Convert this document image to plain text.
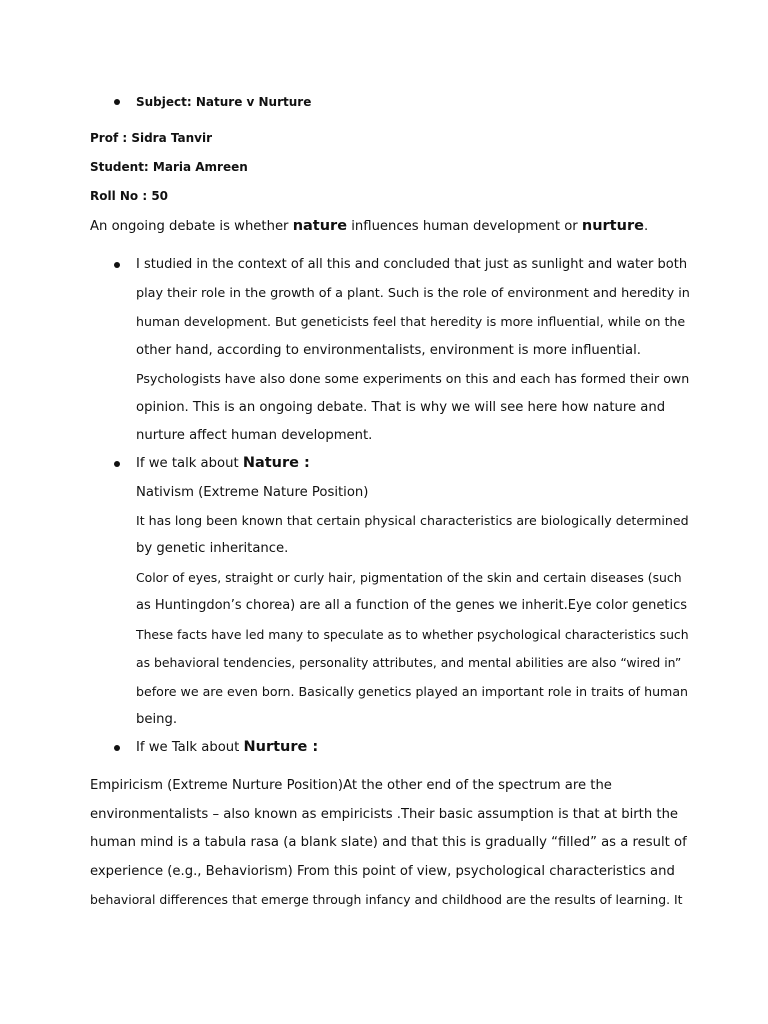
Subject: Nature v Nurture
Prof : Sidra Tanvir
Student: Maria Amreen
Roll No : 50
An ongoing debate is whether nature influences human development or nurture.
I studied in the context of all this and concluded that just as sunlight and water both
play their role in the growth of a plant. Such is the role of environment and heredity in
human development. But geneticists feel that heredity is more influential, while on the
other hand, according to environmentalists, environment is more influential.
Psychologists have also done some experiments on this and each has formed their own
opinion. This is an ongoing debate. That is why we will see here how nature and
nurture affect human development.
If we talk about Nature :
Nativism (Extreme Nature Position)
It has long been known that certain physical characteristics are biologically determined
by genetic inheritance.
Color of eyes, straight or curly hair, pigmentation of the skin and certain diseases (such
as Huntingdon’s chorea) are all a function of the genes we inherit.Eye color genetics
These facts have led many to speculate as to whether psychological characteristics such
as behavioral tendencies, personality attributes, and mental abilities are also “wired in”
before we are even born. Basically genetics played an important role in traits of human
being.
If we Talk about Nurture :
Empiricism (Extreme Nurture Position)At the other end of the spectrum are the
environmentalists – also known as empiricists .Their basic assumption is that at birth the
human mind is a tabula rasa (a blank slate) and that this is gradually “filled” as a result of
experience (e.g., Behaviorism) From this point of view, psychological characteristics and
behavioral differences that emerge through infancy and childhood are the results of learning. It
